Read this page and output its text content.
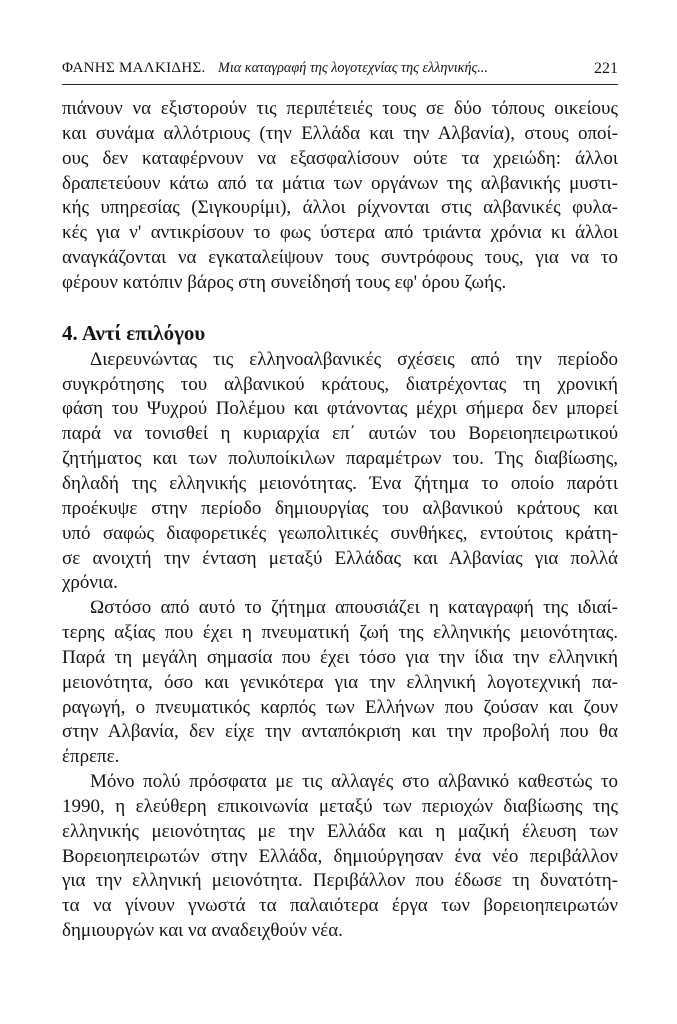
ΦΑΝΗΣ ΜΑΛΚΙΔΗΣ. Μια καταγραφή της λογοτεχνίας της ελληνικής...	221
πιάνουν να εξιστορούν τις περιπέτειές τους σε δύο τόπους οικείους
και συνάμα αλλότριους (την Ελλάδα και την Αλβανία), στους οποί-
ους δεν καταφέρνουν να εξασφαλίσουν ούτε τα χρειώδη: άλλοι
δραπετεύουν κάτω από τα μάτια των οργάνων της αλβανικής μυστι-
κής υπηρεσίας (Σιγκουρίμι), άλλοι ρίχνονται στις αλβανικές φυλα-
κές για ν' αντικρίσουν το φως ύστερα από τριάντα χρόνια κι άλλοι
αναγκάζονται να εγκαταλείψουν τους συντρόφους τους, για να το
φέρουν κατόπιν βάρος στη συνείδησή τους εφ' όρου ζωής.
4. Αντί επιλόγου
Διερευνώντας τις ελληνοαλβανικές σχέσεις από την περίοδο
συγκρότησης του αλβανικού κράτους, διατρέχοντας τη χρονική
φάση του Ψυχρού Πολέμου και φτάνοντας μέχρι σήμερα δεν μπορεί
παρά να τονισθεί η κυριαρχία επ΄ αυτών του Βορειοηπειρωτικού
ζητήματος και των πολυποίκιλων παραμέτρων του. Της διαβίωσης,
δηλαδή της ελληνικής μειονότητας. Ένα ζήτημα το οποίο παρότι
προέκυψε στην περίοδο δημιουργίας του αλβανικού κράτους και
υπό σαφώς διαφορετικές γεωπολιτικές συνθήκες, εντούτοις κράτη-
σε ανοιχτή την ένταση μεταξύ Ελλάδας και Αλβανίας για πολλά
χρόνια.
Ωστόσο από αυτό το ζήτημα απουσιάζει η καταγραφή της ιδιαί-
τερης αξίας που έχει η πνευματική ζωή της ελληνικής μειονότητας.
Παρά τη μεγάλη σημασία που έχει τόσο για την ίδια την ελληνική
μειονότητα, όσο και γενικότερα για την ελληνική λογοτεχνική πα-
ραγωγή, ο πνευματικός καρπός των Ελλήνων που ζούσαν και ζουν
στην Αλβανία, δεν είχε την ανταπόκριση και την προβολή που θα
έπρεπε.
Μόνο πολύ πρόσφατα με τις αλλαγές στο αλβανικό καθεστώς το
1990, η ελεύθερη επικοινωνία μεταξύ των περιοχών διαβίωσης της
ελληνικής μειονότητας με την Ελλάδα και η μαζική έλευση των
Βορειοηπειρωτών στην Ελλάδα, δημιούργησαν ένα νέο περιβάλλον
για την ελληνική μειονότητα. Περιβάλλον που έδωσε τη δυνατότη-
τα να γίνουν γνωστά τα παλαιότερα έργα των βορειοηπειρωτών
δημιουργών και να αναδειχθούν νέα.
